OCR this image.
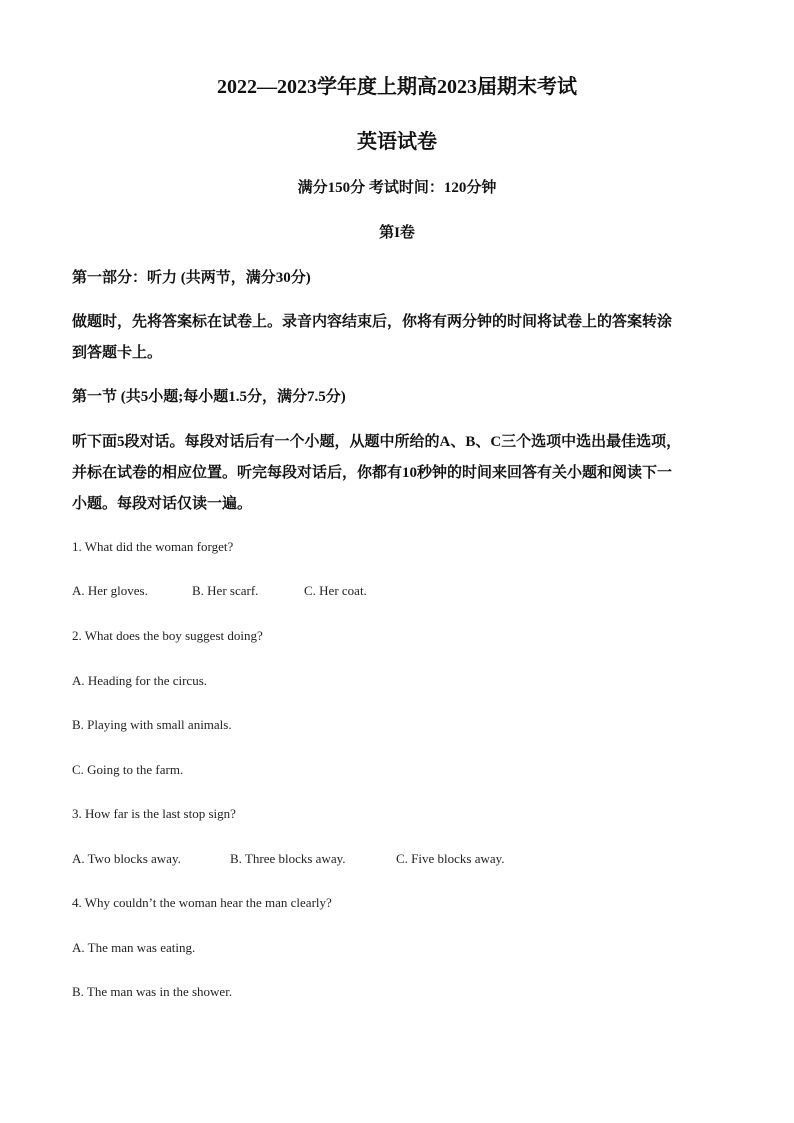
2022—2023学年度上期高2023届期末考试
英语试卷
满分150分 考试时间：120分钟
第I卷
第一部分：听力 (共两节，满分30分)
做题时，先将答案标在试卷上。录音内容结束后，你将有两分钟的时间将试卷上的答案转涂
到答题卡上。
第一节 (共5小题;每小题1.5分，满分7.5分)
听下面5段对话。每段对话后有一个小题，从题中所给的A、B、C三个选项中选出最佳选项，
并标在试卷的相应位置。听完每段对话后，你都有10秒钟的时间来回答有关小题和阅读下一
小题。每段对话仅读一遍。
1. What did the woman forget?
A. Her gloves.	B. Her scarf.	C. Her coat.
2. What does the boy suggest doing?
A. Heading for the circus.
B. Playing with small animals.
C. Going to the farm.
3. How far is the last stop sign?
A. Two blocks away.	B. Three blocks away.	C. Five blocks away.
4. Why couldn’t the woman hear the man clearly?
A. The man was eating.
B. The man was in the shower.
